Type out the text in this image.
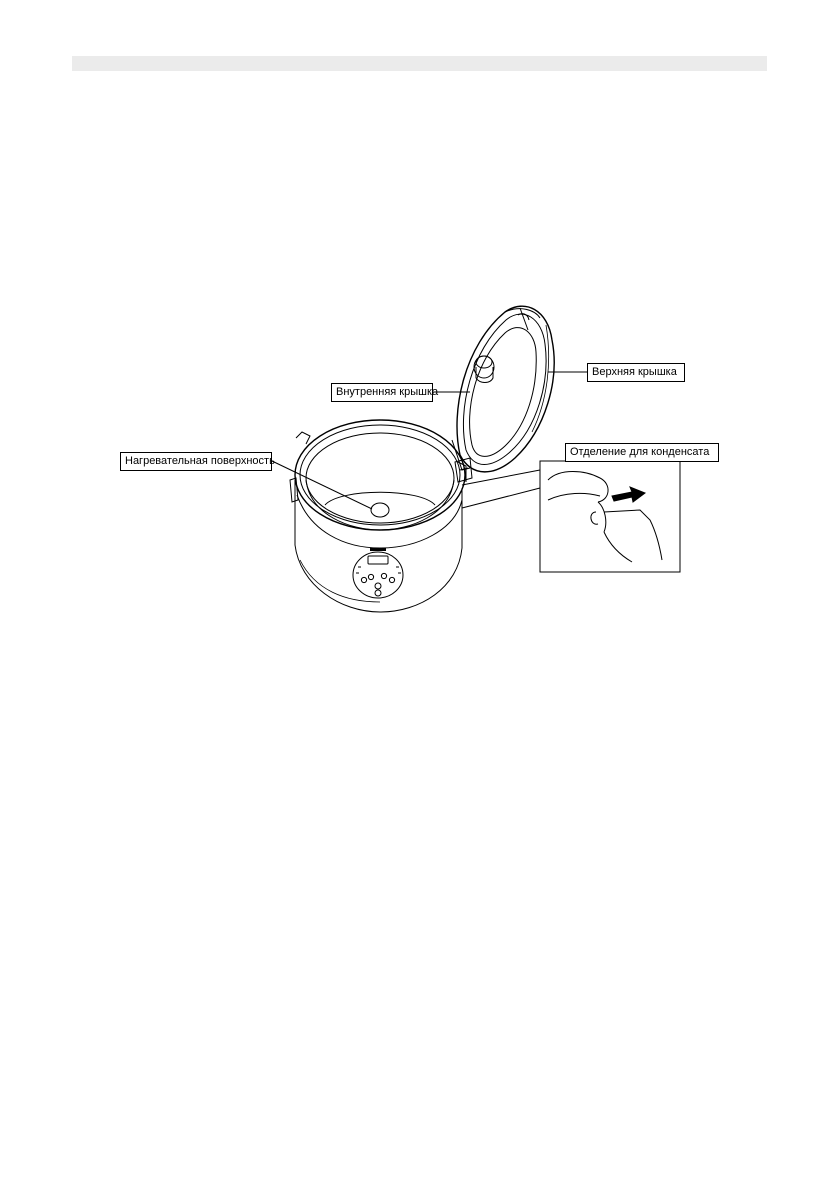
Верхняя крышка
Внутренняя крышка
Нагревательная поверхность
Отделение для конденсата
